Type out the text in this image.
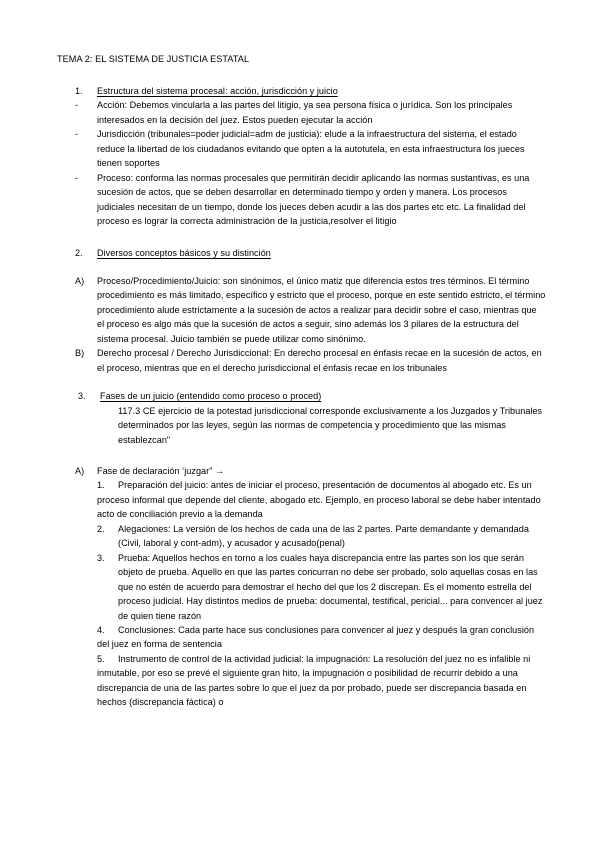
TEMA 2: EL SISTEMA DE JUSTICIA ESTATAL
1.	Estructura del sistema procesal: acción, jurisdicción y juicio
-	Acción: Debemos vincularla a las partes del litigio, ya sea persona física o jurídica. Son los principales interesados en la decisión del juez. Estos pueden ejecutar la acción
-	Jurisdicción (tribunales=poder judicial=adm de justicia): elude a la infraestructura del sistema, el estado reduce la libertad de los ciudadanos evitando que opten a la autotutela, en esta infraestructura los jueces tienen soportes
-	Proceso: conforma las normas procesales que permitirán decidir aplicando las normas sustantivas, es una sucesión de actos, que se deben desarrollar en determinado tiempo y orden y manera. Los procesos judiciales necesitan de un tiempo, donde los jueces deben acudir a las dos partes etc etc. La finalidad del proceso es lograr la correcta administración de la justicia,resolver el litigio
2.	Diversos conceptos básicos y su distinción
A)	Proceso/Procedimiento/Juicio: son sinónimos, el único matiz que diferencia estos tres términos. El término procedimiento es más limitado, específico y estricto que el proceso, porque en este sentido estricto, el término procedimiento alude estrictamente a la sucesión de actos a realizar para decidir sobre el caso, mientras que el proceso es algo más que la sucesión de actos a seguir, sino además los 3 pilares de la estructura del sistema procesal. Juicio también se puede utilizar como sinónimo.
B)	Derecho procesal / Derecho Jurisdiccional: En derecho procesal en énfasis recae en la sucesión de actos, en el proceso, mientras que en el derecho jurisdiccional el énfasis recae en los tribunales
3.	Fases de un juicio (entendido como proceso o proced)
117.3 CE ejercicio de la potestad jurisdiccional corresponde exclusivamente a los Juzgados y Tribunales determinados por las leyes, según las normas de competencia y procedimiento que las mismas establezcan"
A)	Fase de declaración ‘juzgar” →
1.	Preparación del juicio: antes de iniciar el proceso, presentación de documentos al abogado etc. Es un proceso informal que depende del cliente, abogado etc. Ejemplo, en proceso laboral se debe haber intentado acto de conciliación previo a la demanda
2.	Alegaciones: La versión de los hechos de cada una de las 2 partes. Parte demandante y demandada (Civil, laboral y cont-adm), y acusador y acusado(penal)
3.	Prueba: Aquellos hechos en torno a los cuales haya discrepancia entre las partes son los que serán objeto de prueba. Aquello en que las partes concurran no debe ser probado, solo aquellas cosas en las que no estén de acuerdo para demostrar el hecho del que los 2 discrepan. Es el momento estrella del proceso judicial. Hay distintos medios de prueba: documental, testifical, pericial... para convencer al juez de quien tiene razón
4.	Conclusiones: Cada parte hace sus conclusiones para convencer al juez y después la gran conclusión del juez en forma de sentencia
5.	Instrumento de control de la actividad judicial: la impugnación: La resolución del juez no es infalible ni inmutable, por eso se prevé el siguiente gran hito, la impugnación o posibilidad de recurrir debido a una discrepancia de una de las partes sobre lo que el juez da por probado, puede ser discrepancia basada en hechos (discrepancia fáctica) o
